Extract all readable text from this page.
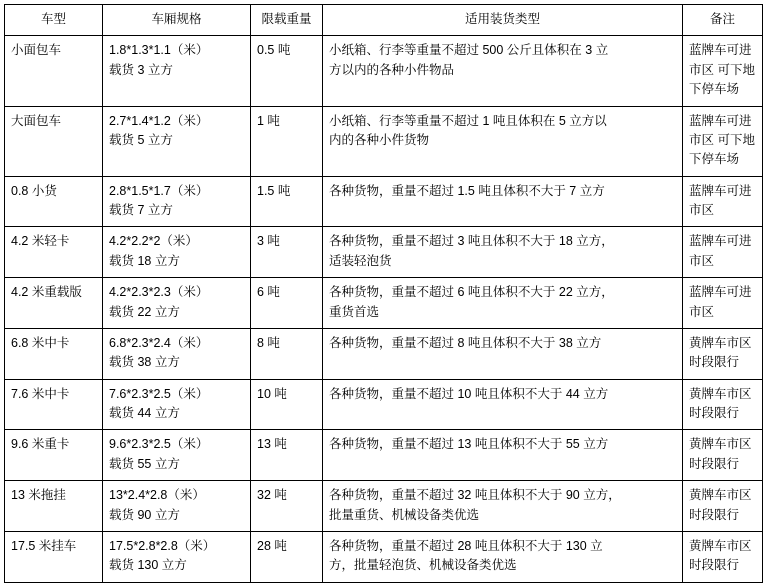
车型	车厢规格	限载重量	适用装货类型	备注
小面包车	1.8*1.3*1.1（米）
载货 3 立方	0.5 吨	小纸箱、行李等重量不超过 500 公斤且体积在 3 立
方以内的各种小件物品	蓝牌车可进
市区 可下地
下停车场

大面包车	2.7*1.4*1.2（米）
载货 5 立方	1 吨	小纸箱、行李等重量不超过 1 吨且体积在 5 立方以
内的各种小件货物	蓝牌车可进
市区 可下地
下停车场

0.8 小货	2.8*1.5*1.7（米）
载货 7 立方	1.5 吨	各种货物，重量不超过 1.5 吨且体积不大于 7 立方	蓝牌车可进
市区

4.2 米轻卡	4.2*2.2*2（米）
载货 18 立方	3 吨	各种货物，重量不超过 3 吨且体积不大于 18 立方，
适装轻泡货	蓝牌车可进
市区

4.2 米重载版	4.2*2.3*2.3（米）
载货 22 立方	6 吨	各种货物，重量不超过 6 吨且体积不大于 22 立方，
重货首选	蓝牌车可进
市区

6.8 米中卡	6.8*2.3*2.4（米）
载货 38 立方	8 吨	各种货物，重量不超过 8 吨且体积不大于 38 立方	黄牌车市区
时段限行

7.6 米中卡	7.6*2.3*2.5（米）
载货 44 立方	10 吨	各种货物，重量不超过 10 吨且体积不大于 44 立方	黄牌车市区
时段限行

9.6 米重卡	9.6*2.3*2.5（米）
载货 55 立方	13 吨	各种货物，重量不超过 13 吨且体积不大于 55 立方	黄牌车市区
时段限行

13 米拖挂	13*2.4*2.8（米）
载货 90 立方	32 吨	各种货物，重量不超过 32 吨且体积不大于 90 立方，
批量重货、机械设备类优选	黄牌车市区
时段限行

17.5 米挂车	17.5*2.8*2.8（米）
载货 130 立方	28 吨	各种货物，重量不超过 28 吨且体积不大于 130 立
方，批量轻泡货、机械设备类优选	黄牌车市区
时段限行
